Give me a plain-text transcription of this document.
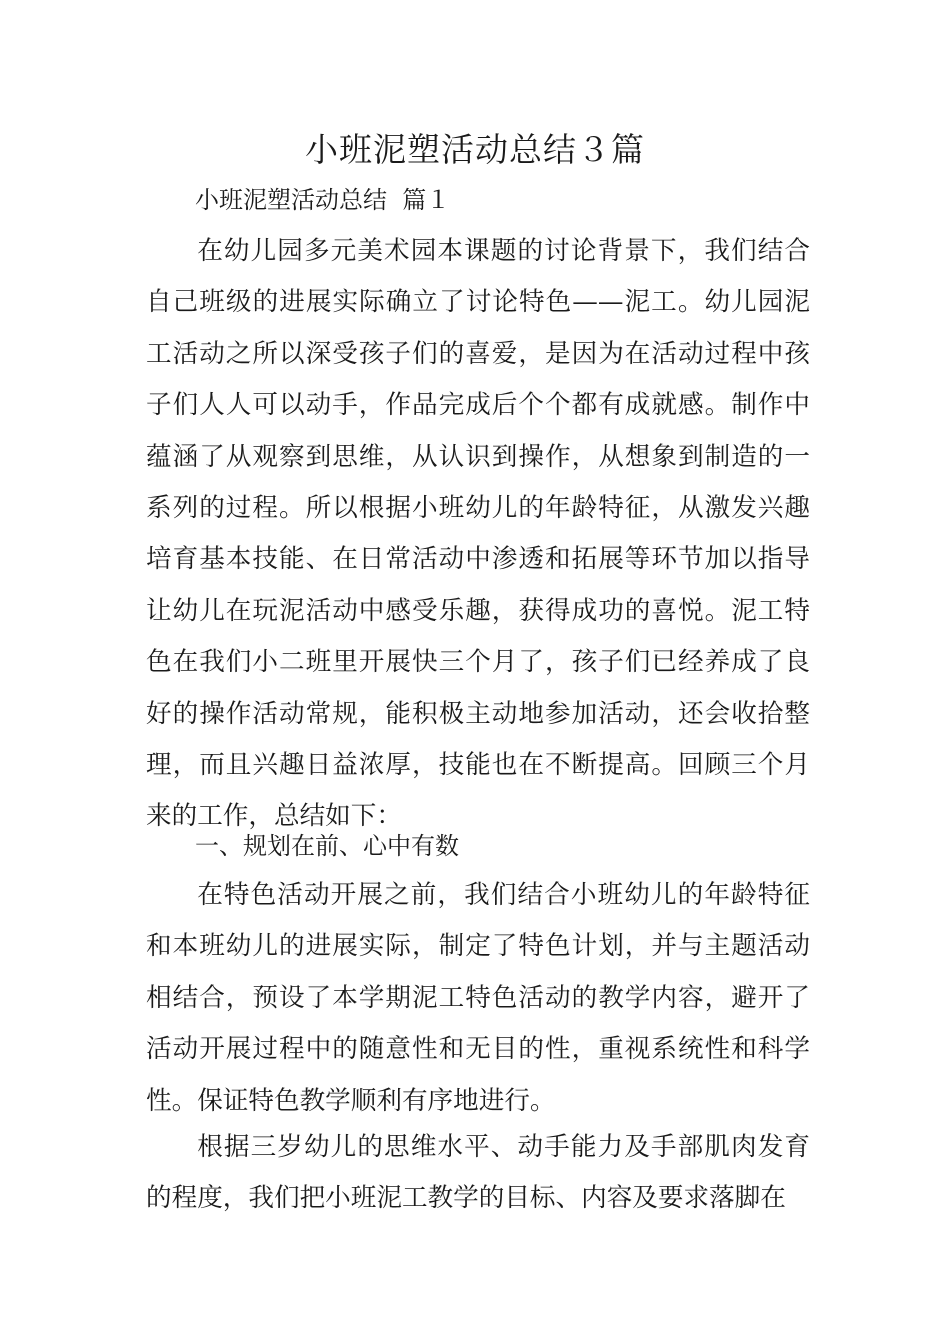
小班泥塑活动总结３篇

小班泥塑活动总结  篇１

在幼儿园多元美术园本课题的讨论背景下，我们结合自己班级的进展实际确立了讨论特色——泥工。幼儿园泥工活动之所以深受孩子们的喜爱，是因为在活动过程中孩子们人人可以动手，作品完成后个个都有成就感。制作中蕴涵了从观察到思维，从认识到操作，从想象到制造的一系列的过程。所以根据小班幼儿的年龄特征，从激发兴趣培育基本技能、在日常活动中渗透和拓展等环节加以指导让幼儿在玩泥活动中感受乐趣，获得成功的喜悦。泥工特色在我们小二班里开展快三个月了，孩子们已经养成了良好的操作活动常规，能积极主动地参加活动，还会收拾整理，而且兴趣日益浓厚，技能也在不断提高。回顾三个月来的工作，总结如下：

一、规划在前、心中有数

在特色活动开展之前，我们结合小班幼儿的年龄特征和本班幼儿的进展实际，制定了特色计划，并与主题活动相结合，预设了本学期泥工特色活动的教学内容，避开了活动开展过程中的随意性和无目的性，重视系统性和科学性。保证特色教学顺利有序地进行。

根据三岁幼儿的思维水平、动手能力及手部肌肉发育的程度，我们把小班泥工教学的目标、内容及要求落脚在
